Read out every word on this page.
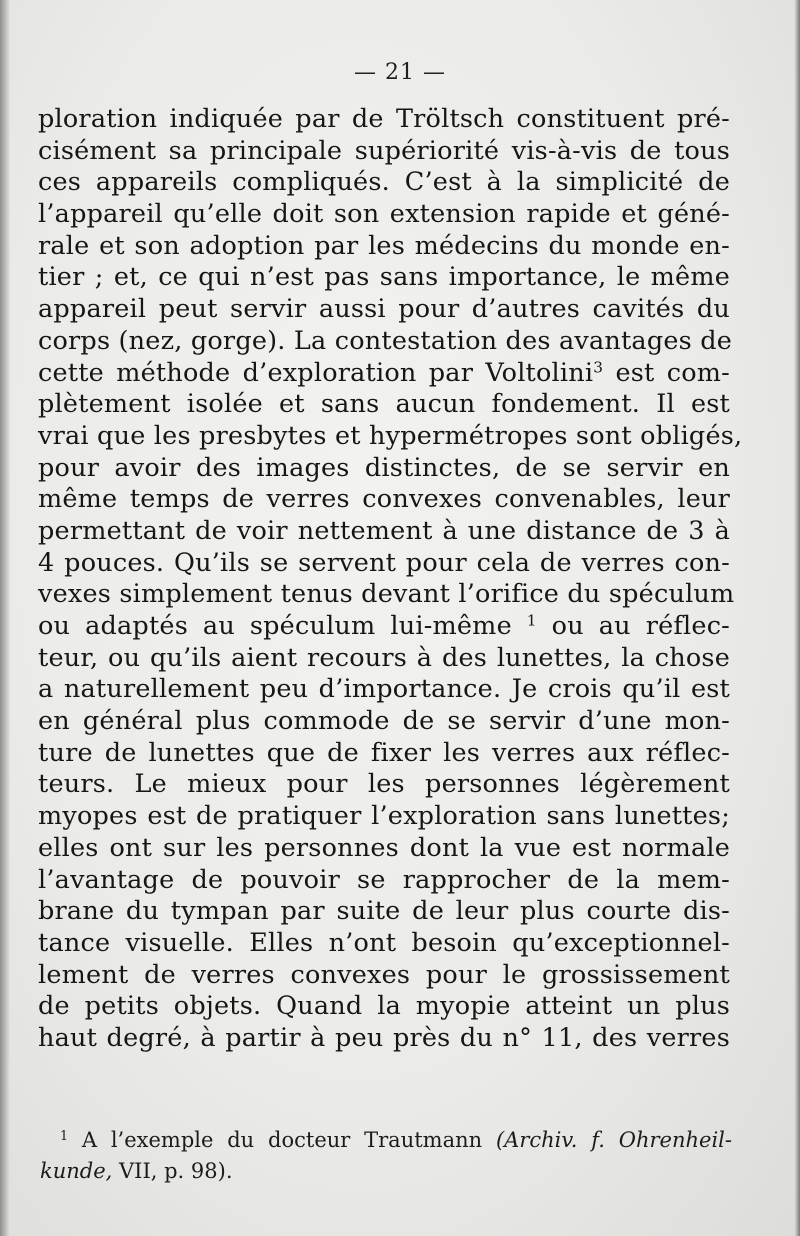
— 21 —
ploration indiquée par de Tröltsch constituent pré-
cisément sa principale supériorité vis-à-vis de tous
ces appareils compliqués. C’est à la simplicité de
l’appareil qu’elle doit son extension rapide et géné-
rale et son adoption par les médecins du monde en-
tier ; et, ce qui n’est pas sans importance, le même
appareil peut servir aussi pour d’autres cavités du
corps (nez, gorge). La contestation des avantages de
cette méthode d’exploration par Voltolini$^3$ est com-
plètement isolée et sans aucun fondement. Il est
vrai que les presbytes et hypermétropes sont obligés,
pour avoir des images distinctes, de se servir en
même temps de verres convexes convenables, leur
permettant de voir nettement à une distance de 3 à
4 pouces. Qu’ils se servent pour cela de verres con-
vexes simplement tenus devant l’orifice du spéculum
ou adaptés au spéculum lui-même $^1$ ou au réflec-
teur, ou qu’ils aient recours à des lunettes, la chose
a naturellement peu d’importance. Je crois qu’il est
en général plus commode de se servir d’une mon-
ture de lunettes que de fixer les verres aux réflec-
teurs. Le mieux pour les personnes légèrement
myopes est de pratiquer l’exploration sans lunettes;
elles ont sur les personnes dont la vue est normale
l’avantage de pouvoir se rapprocher de la mem-
brane du tympan par suite de leur plus courte dis-
tance visuelle. Elles n’ont besoin qu’exceptionnel-
lement de verres convexes pour le grossissement
de petits objets. Quand la myopie atteint un plus
haut degré, à partir à peu près du n° 11, des verres
$^1$ A l’exemple du docteur Trautmann (Archiv. f. Ohrenheil-
kunde, VII, p. 98).
